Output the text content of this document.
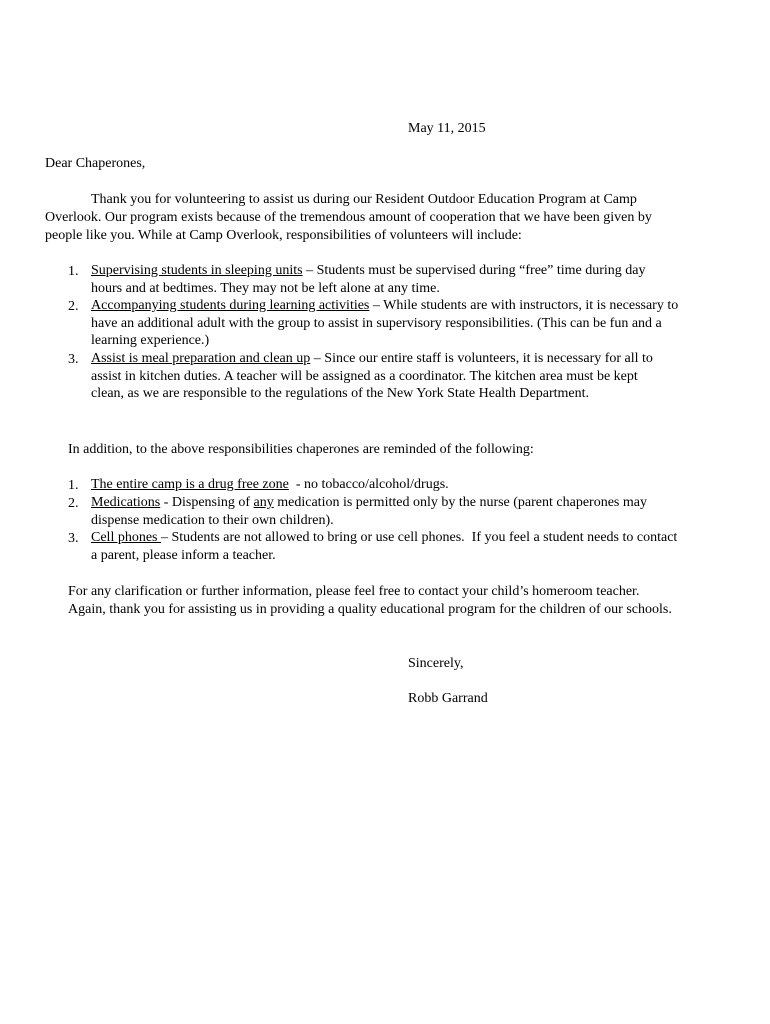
May 11, 2015
Dear Chaperones,
Thank you for volunteering to assist us during our Resident Outdoor Education Program at Camp
Overlook. Our program exists because of the tremendous amount of cooperation that we have been given by
people like you. While at Camp Overlook, responsibilities of volunteers will include:
1. Supervising students in sleeping units – Students must be supervised during “free” time during day
hours and at bedtimes. They may not be left alone at any time.
2. Accompanying students during learning activities – While students are with instructors, it is necessary to
have an additional adult with the group to assist in supervisory responsibilities. (This can be fun and a
learning experience.)
3. Assist is meal preparation and clean up – Since our entire staff is volunteers, it is necessary for all to
assist in kitchen duties. A teacher will be assigned as a coordinator. The kitchen area must be kept
clean, as we are responsible to the regulations of the New York State Health Department.
In addition, to the above responsibilities chaperones are reminded of the following:
1. The entire camp is a drug free zone  - no tobacco/alcohol/drugs.
2. Medications - Dispensing of any medication is permitted only by the nurse (parent chaperones may
dispense medication to their own children).
3. Cell phones – Students are not allowed to bring or use cell phones.  If you feel a student needs to contact
a parent, please inform a teacher.
For any clarification or further information, please feel free to contact your child’s homeroom teacher.
Again, thank you for assisting us in providing a quality educational program for the children of our schools.
Sincerely,
Robb Garrand
